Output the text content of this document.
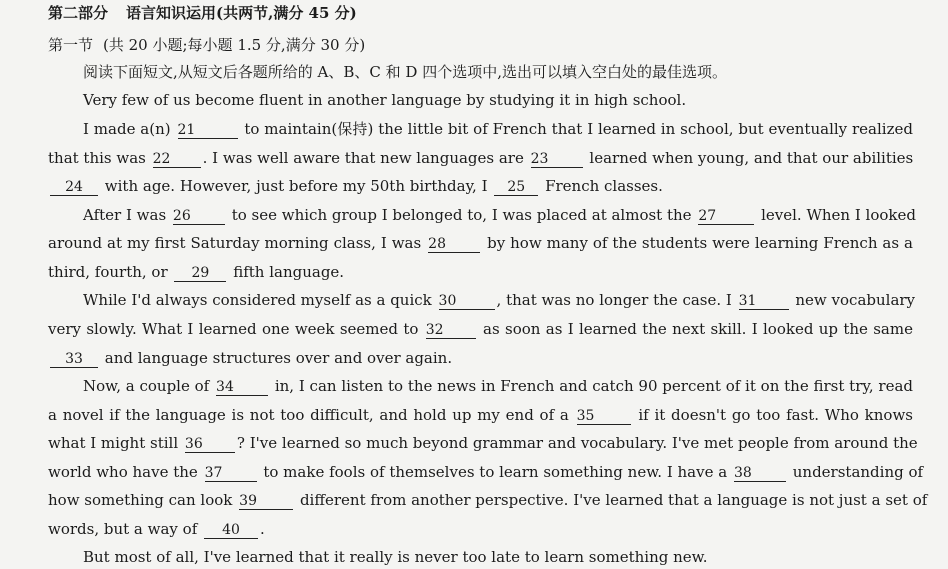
第二部分 语言知识运用(共两节,满分 45 分)
第一节 (共 20 小题;每小题 1.5 分,满分 30 分)
阅读下面短文,从短文后各题所给的 A、B、C 和 D 四个选项中,选出可以填入空白处的最佳选项。
Very few of us become fluent in another language by studying it in high school.
I made a(n) 21	to maintain(保持) the little bit of French that I learned in school, but eventually realized
that this was 22 . I was well aware that new languages are 23	learned when young, and that our abilities
24 with age. However, just before my 50th birthday, I 25 French classes.
After I was 26	to see which group I belonged to, I was placed at almost the 27	level. When I looked
around at my first Saturday morning class, I was 28	by how many of the students were learning French as a
third, fourth, or 29 fifth language.
While I'd always considered myself as a quick 30	, that was no longer the case. I 31	new vocabulary
very slowly. What I learned one week seemed to 32	as soon as I learned the next skill. I looked up the same
33 and language structures over and over again.
Now, a couple of 34	in, I can listen to the news in French and catch 90 percent of it on the first try, read
a novel if the language is not too difficult, and hold up my end of a 35	if it doesn't go too fast. Who knows
what I might still 36 ? I've learned so much beyond grammar and vocabulary. I've met people from around the
world who have the 37	to make fools of themselves to learn something new. I have a 38	understanding of
how something can look 39	different from another perspective. I've learned that a language is not just a set of
words, but a way of 40 .
But most of all, I've learned that it really is never too late to learn something new.
